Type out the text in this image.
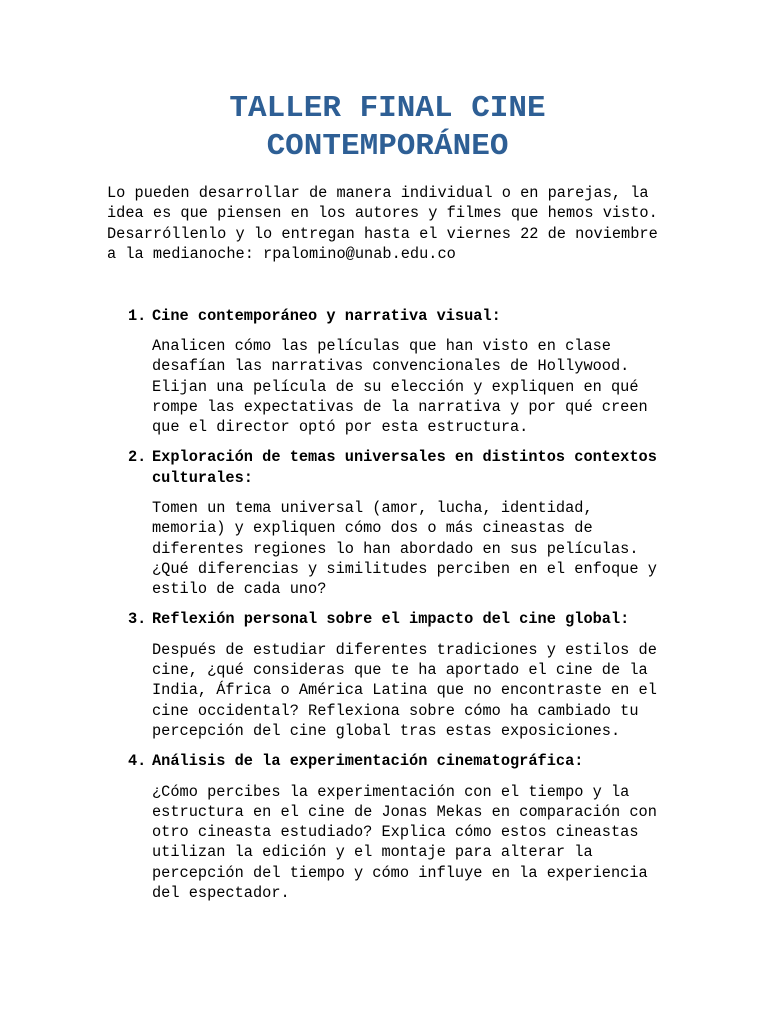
TALLER FINAL CINE
CONTEMPORÁNEO

Lo pueden desarrollar de manera individual o en parejas, la
idea es que piensen en los autores y filmes que hemos visto.
Desarróllenlo y lo entregan hasta el viernes 22 de noviembre
a la medianoche: rpalomino@unab.edu.co

1. Cine contemporáneo y narrativa visual:
Analicen cómo las películas que han visto en clase
desafían las narrativas convencionales de Hollywood.
Elijan una película de su elección y expliquen en qué
rompe las expectativas de la narrativa y por qué creen
que el director optó por esta estructura.
2. Exploración de temas universales en distintos contextos
culturales:
Tomen un tema universal (amor, lucha, identidad,
memoria) y expliquen cómo dos o más cineastas de
diferentes regiones lo han abordado en sus películas.
¿Qué diferencias y similitudes perciben en el enfoque y
estilo de cada uno?
3. Reflexión personal sobre el impacto del cine global:
Después de estudiar diferentes tradiciones y estilos de
cine, ¿qué consideras que te ha aportado el cine de la
India, África o América Latina que no encontraste en el
cine occidental? Reflexiona sobre cómo ha cambiado tu
percepción del cine global tras estas exposiciones.
4. Análisis de la experimentación cinematográfica:
¿Cómo percibes la experimentación con el tiempo y la
estructura en el cine de Jonas Mekas en comparación con
otro cineasta estudiado? Explica cómo estos cineastas
utilizan la edición y el montaje para alterar la
percepción del tiempo y cómo influye en la experiencia
del espectador.
